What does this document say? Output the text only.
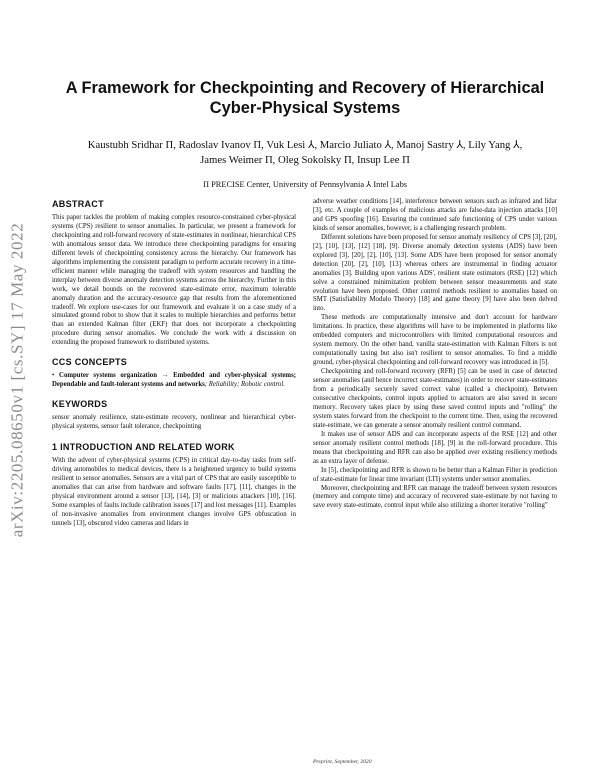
arXiv:2205.08650v1 [cs.SY] 17 May 2022
A Framework for Checkpointing and Recovery of Hierarchical Cyber-Physical Systems
Kaustubh Sridhar Π, Radoslav Ivanov Π, Vuk Lesi ⅄, Marcio Juliato ⅄, Manoj Sastry ⅄, Lily Yang ⅄,
James Weimer Π, Oleg Sokolsky Π, Insup Lee Π
Π PRECISE Center, University of Pennsylvania ⅄ Intel Labs
ABSTRACT

This paper tackles the problem of making complex resource-constrained cyber-physical systems (CPS) resilient to sensor anomalies. In particular, we present a framework for checkpointing and roll-forward recovery of state-estimates in nonlinear, hierarchical CPS with anomalous sensor data. We introduce three checkpointing paradigms for ensuring different levels of checkpointing consistency across the hierarchy. Our framework has algorithms implementing the consistent paradigm to perform accurate recovery in a time-efficient manner while managing the tradeoff with system resources and handling the interplay between diverse anomaly detection systems across the hierarchy. Further in this work, we detail bounds on the recovered state-estimate error, maximum tolerable anomaly duration and the accuracy-resource gap that results from the aforementioned tradeoff. We explore use-cases for our framework and evaluate it on a case study of a simulated ground robot to show that it scales to multiple hierarchies and performs better than an extended Kalman filter (EKF) that does not incorporate a checkpointing procedure during sensor anomalies. We conclude the work with a discussion on extending the proposed framework to distributed systems.

CCS CONCEPTS

• Computer systems organization → Embedded and cyber-physical systems; Dependable and fault-tolerant systems and networks; Reliability; Robotic control.

KEYWORDS

sensor anomaly resilience, state-estimate recovery, nonlinear and hierarchical cyber-physical systems, sensor fault tolerance, checkpointing

1 INTRODUCTION AND RELATED WORK

With the advent of cyber-physical systems (CPS) in critical day-to-day tasks from self-driving automobiles to medical devices, there is a heightened urgency to build systems resilient to sensor anomalies. Sensors are a vital part of CPS that are easily susceptible to anomalies that can arise from hardware and software faults [17], [11], changes in the physical environment around a sensor [13], [14], [3] or malicious attackers [10], [16]. Some examples of faults include calibration issues [17] and lost messages [11]. Examples of non-invasive anomalies from environment changes involve GPS obfuscation in tunnels [13], obscured video cameras and lidars in

adverse weather conditions [14], interference between sensors such as infrared and lidar [3], etc. A couple of examples of malicious attacks are false-data injection attacks [10] and GPS spoofing [16]. Ensuring the continued safe functioning of CPS under various kinds of sensor anomalies, however, is a challenging research problem.

Different solutions have been proposed for sensor anomaly resiliency of CPS [3], [20], [2], [10], [13], [12] [18], [9]. Diverse anomaly detection systems (ADS) have been explored [3], [20], [2], [10], [13]. Some ADS have been proposed for sensor anomaly detection [20], [2], [10], [13] whereas others are instrumental in finding actuator anomalies [3]. Building upon various ADS', resilient state estimators (RSE) [12] which solve a constrained minimization problem between sensor measurements and state evolution have been proposed. Other control methods resilient to anomalies based on SMT (Satisfiability Modulo Theory) [18] and game theory [9] have also been delved into.

These methods are computationally intensive and don't account for hardware limitations. In practice, these algorithms will have to be implemented in platforms like embedded computers and microcontrollers with limited computational resources and system memory. On the other hand, vanilla state-estimation with Kalman Filters is not computationally taxing but also isn't resilient to sensor anomalies. To find a middle ground, cyber-physical checkpointing and roll-forward recovery was introduced in [5].

Checkpointing and roll-forward recovery (RFR) [5] can be used in case of detected sensor anomalies (and hence incorrect state-estimates) in order to recover state-estimates from a periodically securely saved correct value (called a checkpoint). Between consecutive checkpoints, control inputs applied to actuators are also saved in secure memory. Recovery takes place by using these saved control inputs and "rolling" the system states forward from the checkpoint to the current time. Then, using the recovered state-estimate, we can generate a sensor anomaly resilient control command.

It makes use of sensor ADS and can incorporate aspects of the RSE [12] and other sensor anomaly resilient control methods [18], [9] in the roll-forward procedure. This means that checkpointing and RFR can also be applied over existing resiliency methods as an extra layer of defense.

In [5], checkpointing and RFR is shown to be better than a Kalman Filter in prediction of state-estimate for linear time invariant (LTI) systems under sensor anomalies.

Moreover, checkpointing and RFR can manage the tradeoff between system resources (memory and compute time) and accuracy of recovered state-estimate by not having to save every state-estimate, control input while also utilizing a shorter iterative "rolling"

Preprint, September, 2020
